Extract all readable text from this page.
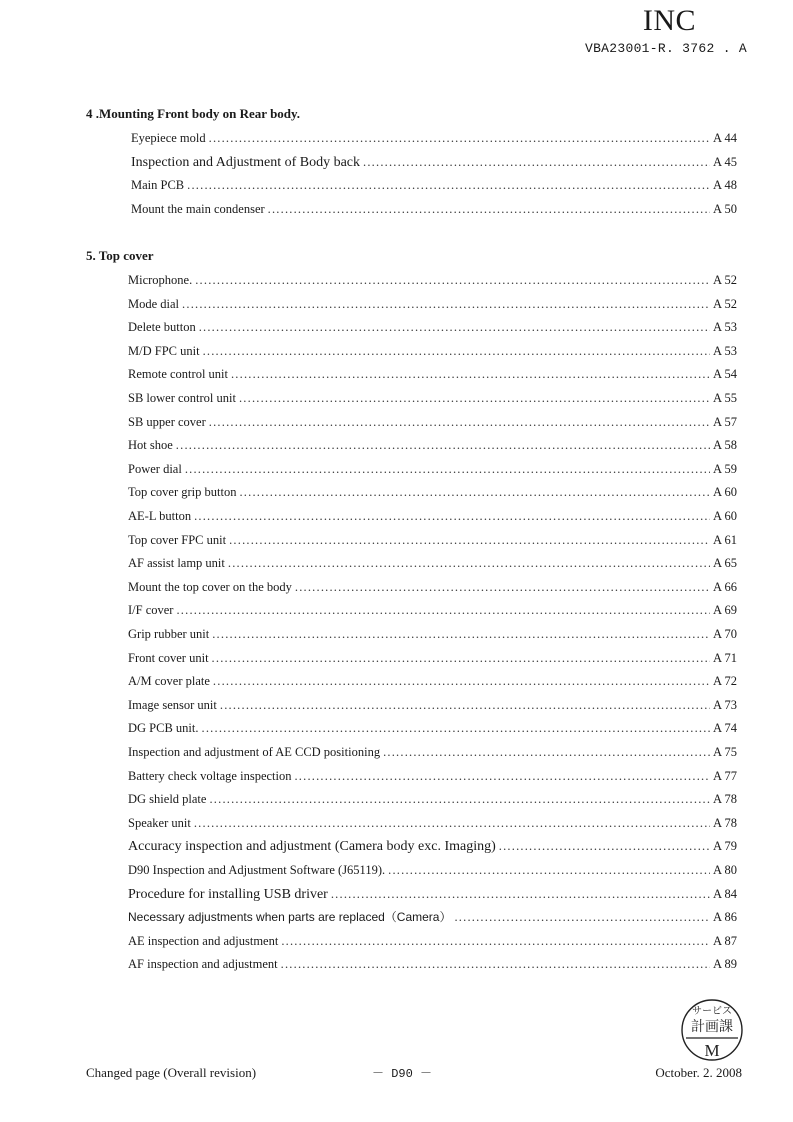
INC
VBA23001-R. 3762 . A
4 .Mounting Front body on Rear body.
5. Top cover
Eyepiece mold .....	A 44
Inspection and Adjustment of Body back .....	A 45
Main PCB .....	A 48
Mount the main condenser .....	A 50
Microphone. .....	A 52
Mode dial .....	A 52
Delete button .....	A 53
M/D FPC unit .....	A 53
Remote control unit .....	A 54
SB lower control unit .....	A 55
SB upper cover .....	A 57
Hot shoe .....	A 58
Power dial .....	A 59
Top cover grip button .....	A 60
AE-L button .....	A 60
Top cover FPC unit .....	A 61
AF assist lamp unit .....	A 65
Mount the top cover on the body .....	A 66
I/F cover .....	A 69
Grip rubber unit .....	A 70
Front cover unit .....	A 71
A/M cover plate .....	A 72
Image sensor unit .....	A 73
DG PCB unit. .....	A 74
Inspection and adjustment of AE CCD positioning .....	A 75
Battery check voltage inspection .....	A 77
DG shield plate .....	A 78
Speaker unit .....	A 78
Accuracy inspection and adjustment (Camera body exc. Imaging) .....	A 79
D90 Inspection and Adjustment Software (J65119). .....	A 80
Procedure for installing USB driver .....	A 84
Necessary adjustments when parts are replaced（Camera） .....	A 86
AE inspection and adjustment .....	A 87
AF inspection and adjustment .....	A 89
サービス
計画課
M
Changed page (Overall revision)	－ D90 －	October. 2. 2008
